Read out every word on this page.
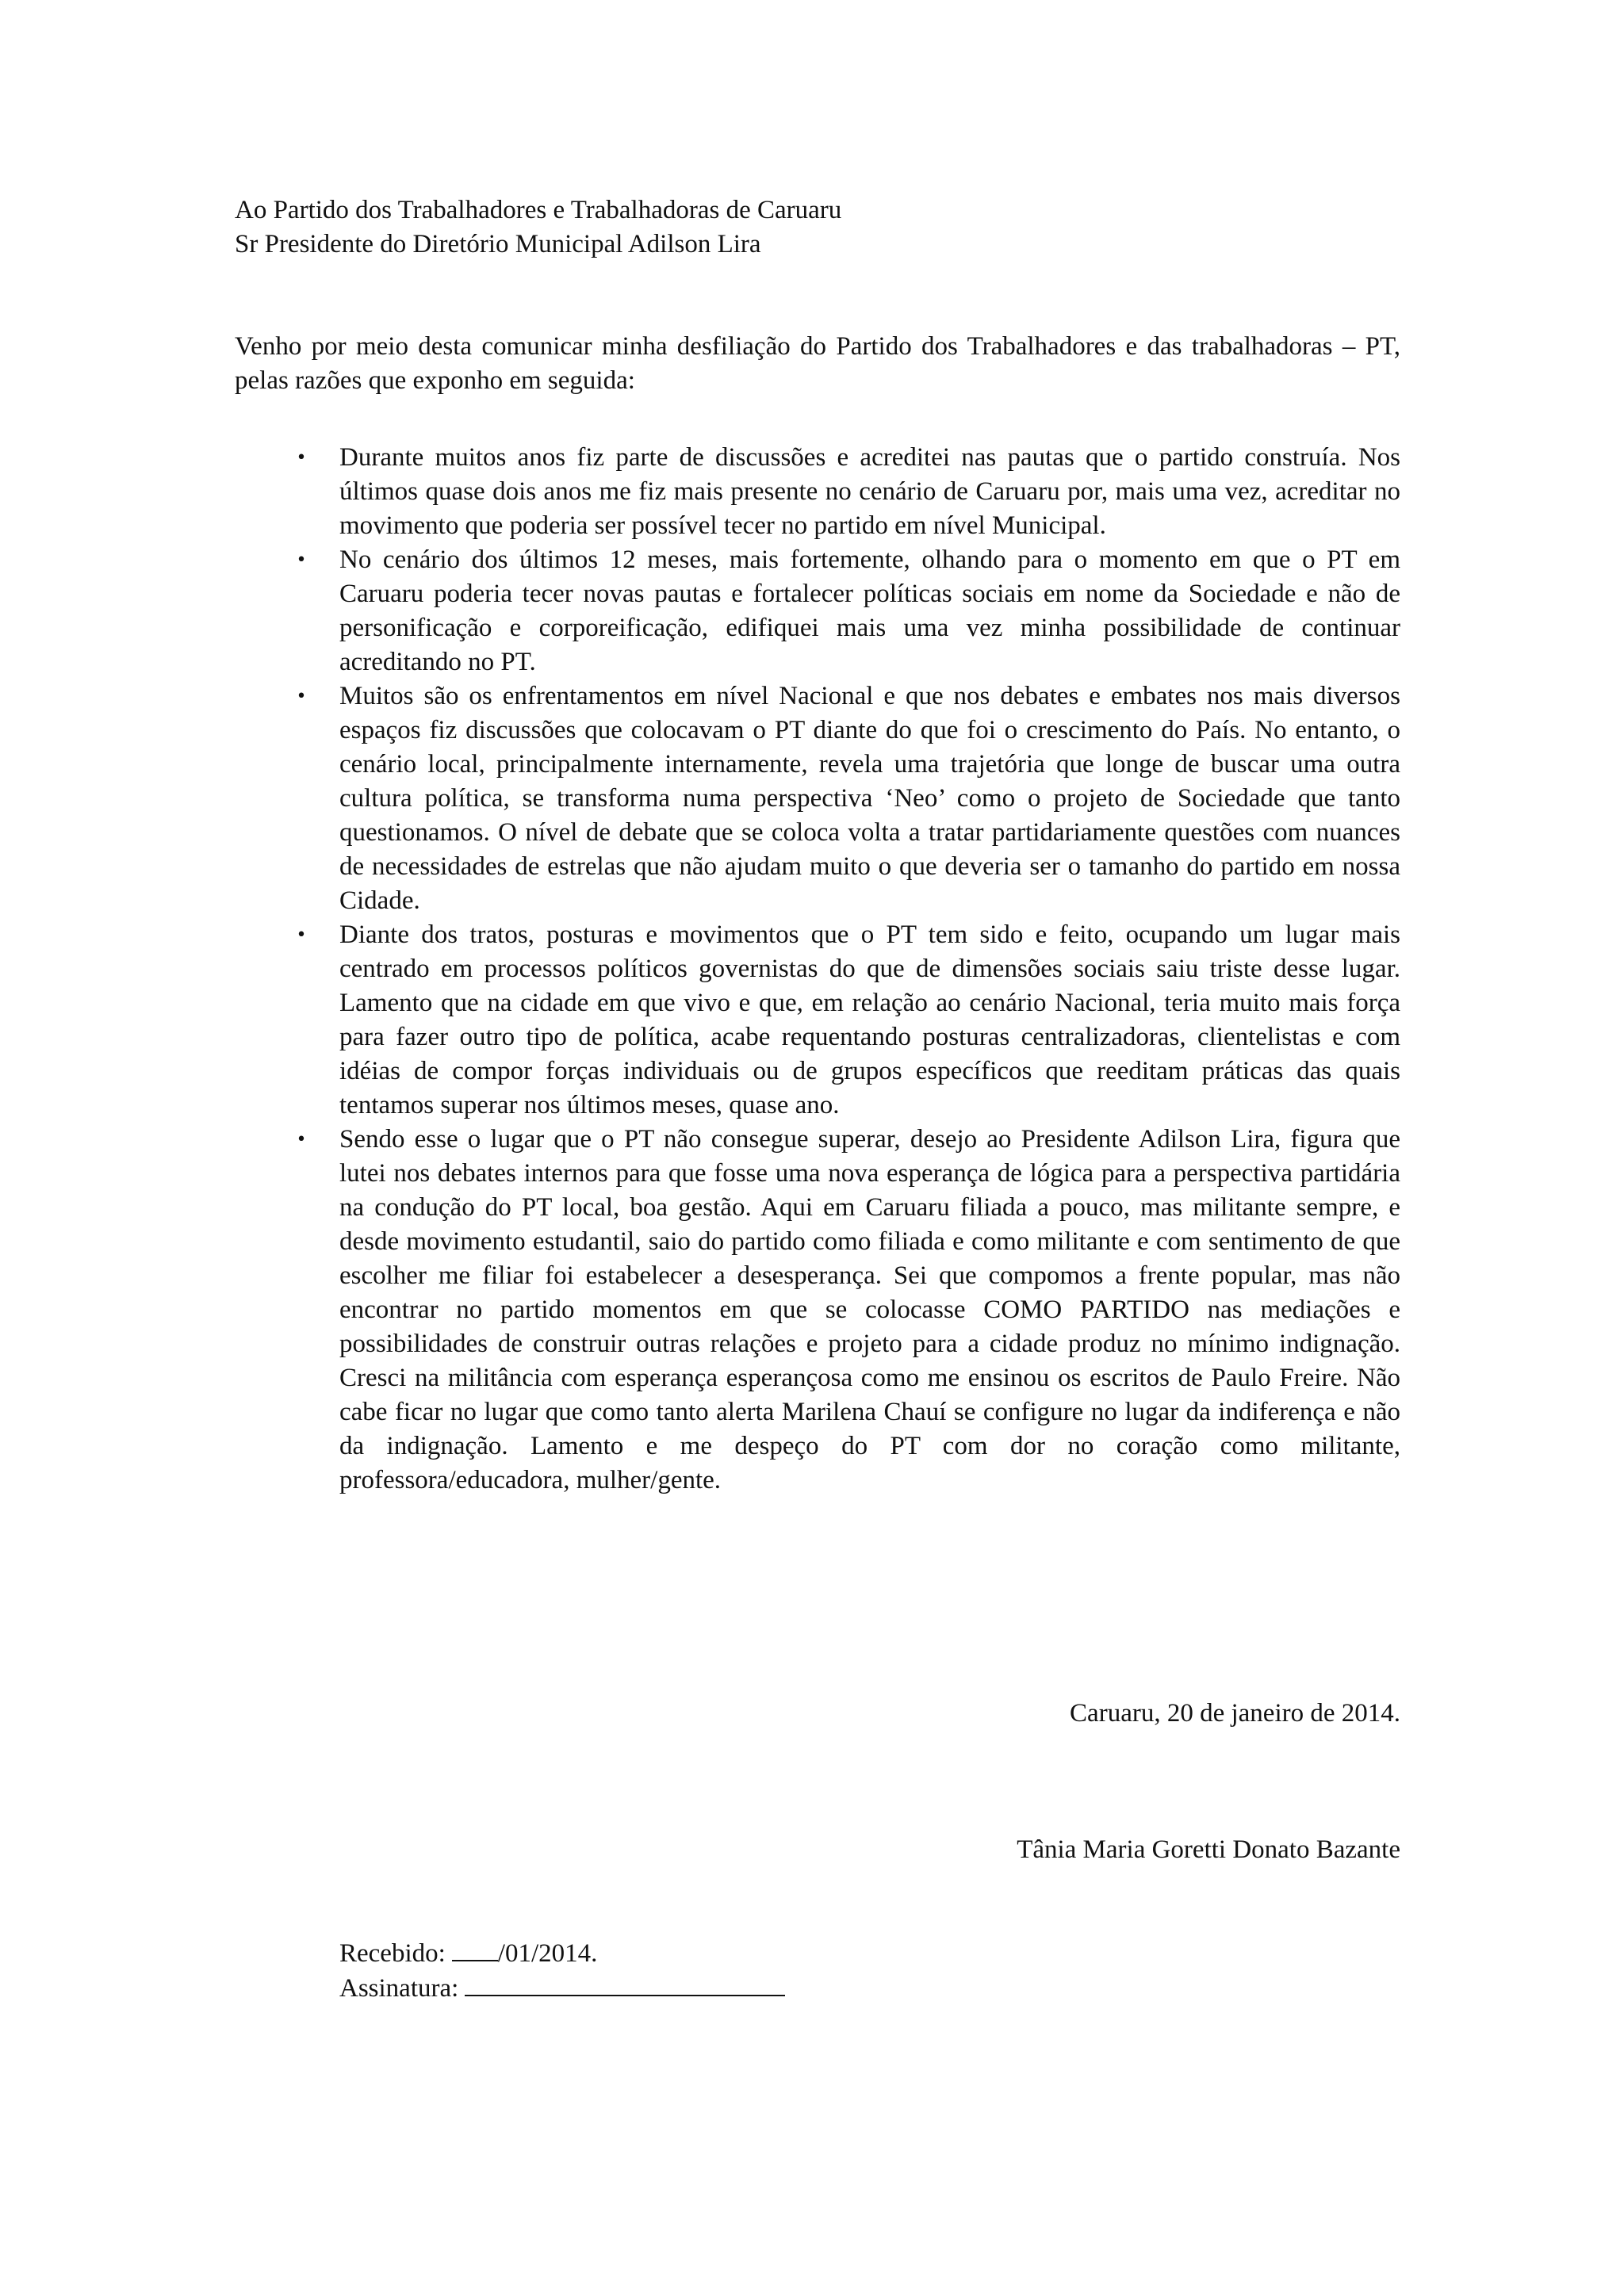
Ao Partido dos Trabalhadores e Trabalhadoras de Caruaru
Sr Presidente do Diretório Municipal Adilson Lira
Venho por meio desta comunicar minha desfiliação do Partido dos Trabalhadores e das trabalhadoras – PT, pelas razões que exponho em seguida:
• Durante muitos anos fiz parte de discussões e acreditei nas pautas que o partido construía. Nos últimos quase dois anos me fiz mais presente no cenário de Caruaru por, mais uma vez, acreditar no movimento que poderia ser possível tecer no partido em nível Municipal.
• No cenário dos últimos 12 meses, mais fortemente, olhando para o momento em que o PT em Caruaru poderia tecer novas pautas e fortalecer políticas sociais em nome da Sociedade e não de personificação e corporeificação, edifiquei mais uma vez minha possibilidade de continuar acreditando no PT.
• Muitos são os enfrentamentos em nível Nacional e que nos debates e embates nos mais diversos espaços fiz discussões que colocavam o PT diante do que foi o crescimento do País. No entanto, o cenário local, principalmente internamente, revela uma trajetória que longe de buscar uma outra cultura política, se transforma numa perspectiva ‘Neo’ como o projeto de Sociedade que tanto questionamos. O nível de debate que se coloca volta a tratar partidariamente questões com nuances de necessidades de estrelas que não ajudam muito o que deveria ser o tamanho do partido em nossa Cidade.
• Diante dos tratos, posturas e movimentos que o PT tem sido e feito, ocupando um lugar mais centrado em processos políticos governistas do que de dimensões sociais saiu triste desse lugar. Lamento que na cidade em que vivo e que, em relação ao cenário Nacional, teria muito mais força para fazer outro tipo de política, acabe requentando posturas centralizadoras, clientelistas e com idéias de compor forças individuais ou de grupos específicos que reeditam práticas das quais tentamos superar nos últimos meses, quase ano.
• Sendo esse o lugar que o PT não consegue superar, desejo ao Presidente Adilson Lira, figura que lutei nos debates internos para que fosse uma nova esperança de lógica para a perspectiva partidária na condução do PT local, boa gestão. Aqui em Caruaru filiada a pouco, mas militante sempre, e desde movimento estudantil, saio do partido como filiada e como militante e com sentimento de que escolher me filiar foi estabelecer a desesperança. Sei que compomos a frente popular, mas não encontrar no partido momentos em que se colocasse COMO PARTIDO nas mediações e possibilidades de construir outras relações e projeto para a cidade produz no mínimo indignação. Cresci na militância com esperança esperançosa como me ensinou os escritos de Paulo Freire. Não cabe ficar no lugar que como tanto alerta Marilena Chauí se configure no lugar da indiferença e não da indignação. Lamento e me despeço do PT com dor no coração como militante, professora/educadora, mulher/gente.
Caruaru, 20 de janeiro de 2014.
Tânia Maria Goretti Donato Bazante
Recebido: /01/2014.
Assinatura:
